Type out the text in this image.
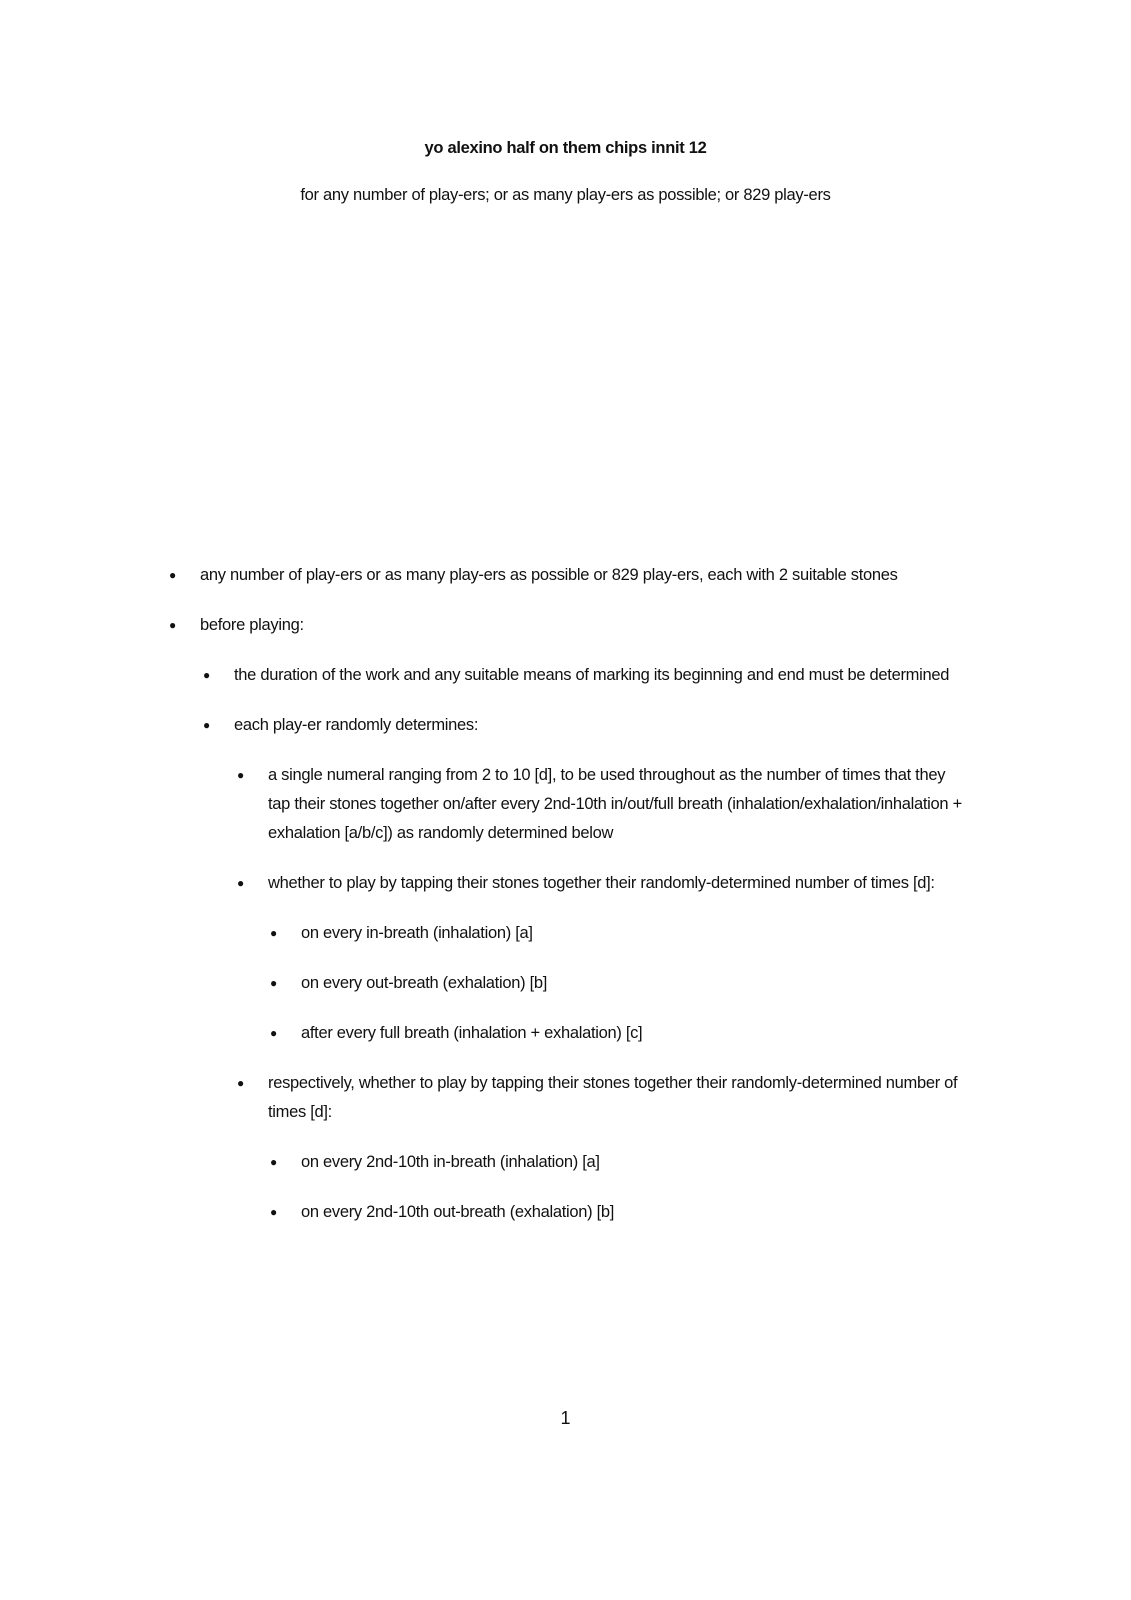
yo alexino half on them chips innit 12
for any number of play-ers; or as many play-ers as possible; or 829 play-ers
● any number of play-ers or as many play-ers as possible or 829 play-ers, each with 2 suitable stones
● before playing:
● the duration of the work and any suitable means of marking its beginning and end must be determined
● each play-er randomly determines:
● a single numeral ranging from 2 to 10 [d], to be used throughout as the number of times that they tap their stones together on/after every 2nd-10th in/out/full breath (inhalation/exhalation/inhalation + exhalation [a/b/c]) as randomly determined below
● whether to play by tapping their stones together their randomly-determined number of times [d]:
● on every in-breath (inhalation) [a]
● on every out-breath (exhalation) [b]
● after every full breath (inhalation + exhalation) [c]
● respectively, whether to play by tapping their stones together their randomly-determined number of times [d]:
● on every 2nd-10th in-breath (inhalation) [a]
● on every 2nd-10th out-breath (exhalation) [b]
1
